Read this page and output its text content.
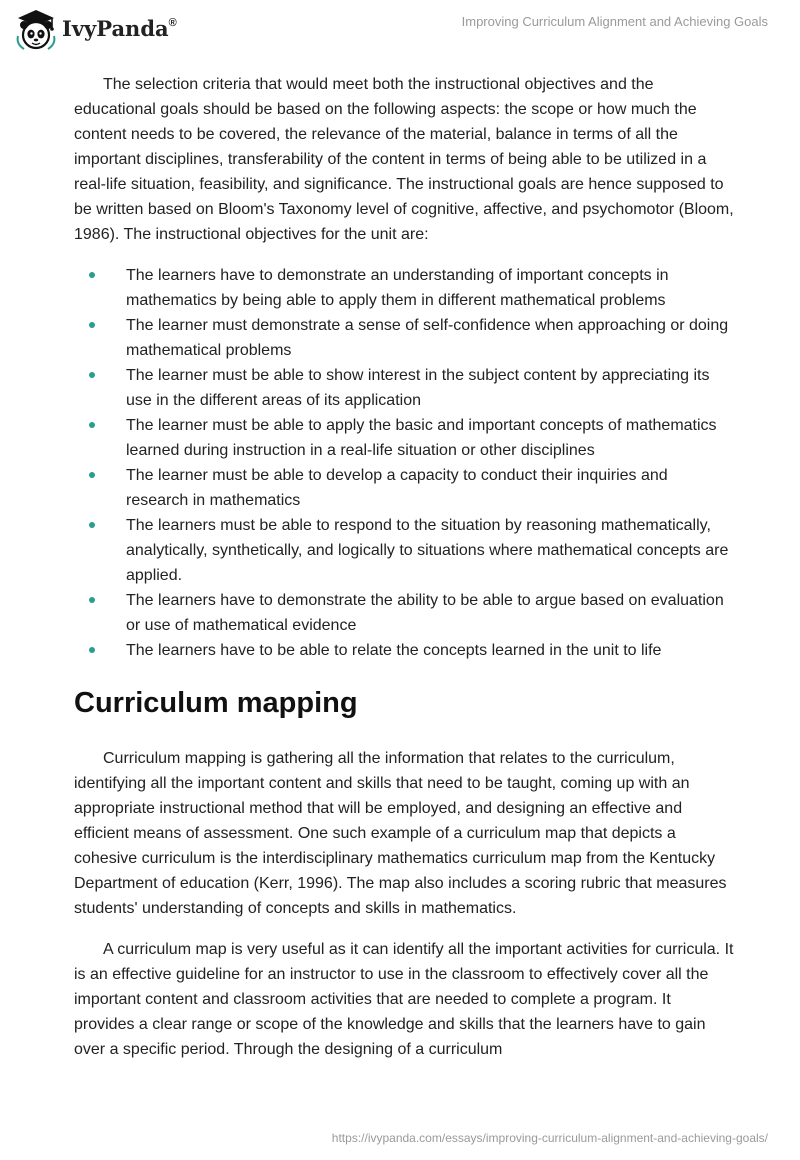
IvyPanda®	Improving Curriculum Alignment and Achieving Goals

The selection criteria that would meet both the instructional objectives and the educational goals should be based on the following aspects: the scope or how much the content needs to be covered, the relevance of the material, balance in terms of all the important disciplines, transferability of the content in terms of being able to be utilized in a real-life situation, feasibility, and significance. The instructional goals are hence supposed to be written based on Bloom's Taxonomy level of cognitive, affective, and psychomotor (Bloom, 1986). The instructional objectives for the unit are:

The learners have to demonstrate an understanding of important concepts in mathematics by being able to apply them in different mathematical problems
The learner must demonstrate a sense of self-confidence when approaching or doing mathematical problems
The learner must be able to show interest in the subject content by appreciating its use in the different areas of its application
The learner must be able to apply the basic and important concepts of mathematics learned during instruction in a real-life situation or other disciplines
The learner must be able to develop a capacity to conduct their inquiries and research in mathematics
The learners must be able to respond to the situation by reasoning mathematically, analytically, synthetically, and logically to situations where mathematical concepts are applied.
The learners have to demonstrate the ability to be able to argue based on evaluation or use of mathematical evidence
The learners have to be able to relate the concepts learned in the unit to life
Curriculum mapping

Curriculum mapping is gathering all the information that relates to the curriculum, identifying all the important content and skills that need to be taught, coming up with an appropriate instructional method that will be employed, and designing an effective and efficient means of assessment. One such example of a curriculum map that depicts a cohesive curriculum is the interdisciplinary mathematics curriculum map from the Kentucky Department of education (Kerr, 1996). The map also includes a scoring rubric that measures students' understanding of concepts and skills in mathematics.

A curriculum map is very useful as it can identify all the important activities for curricula. It is an effective guideline for an instructor to use in the classroom to effectively cover all the important content and classroom activities that are needed to complete a program. It provides a clear range or scope of the knowledge and skills that the learners have to gain over a specific period. Through the designing of a curriculum

https://ivypanda.com/essays/improving-curriculum-alignment-and-achieving-goals/
